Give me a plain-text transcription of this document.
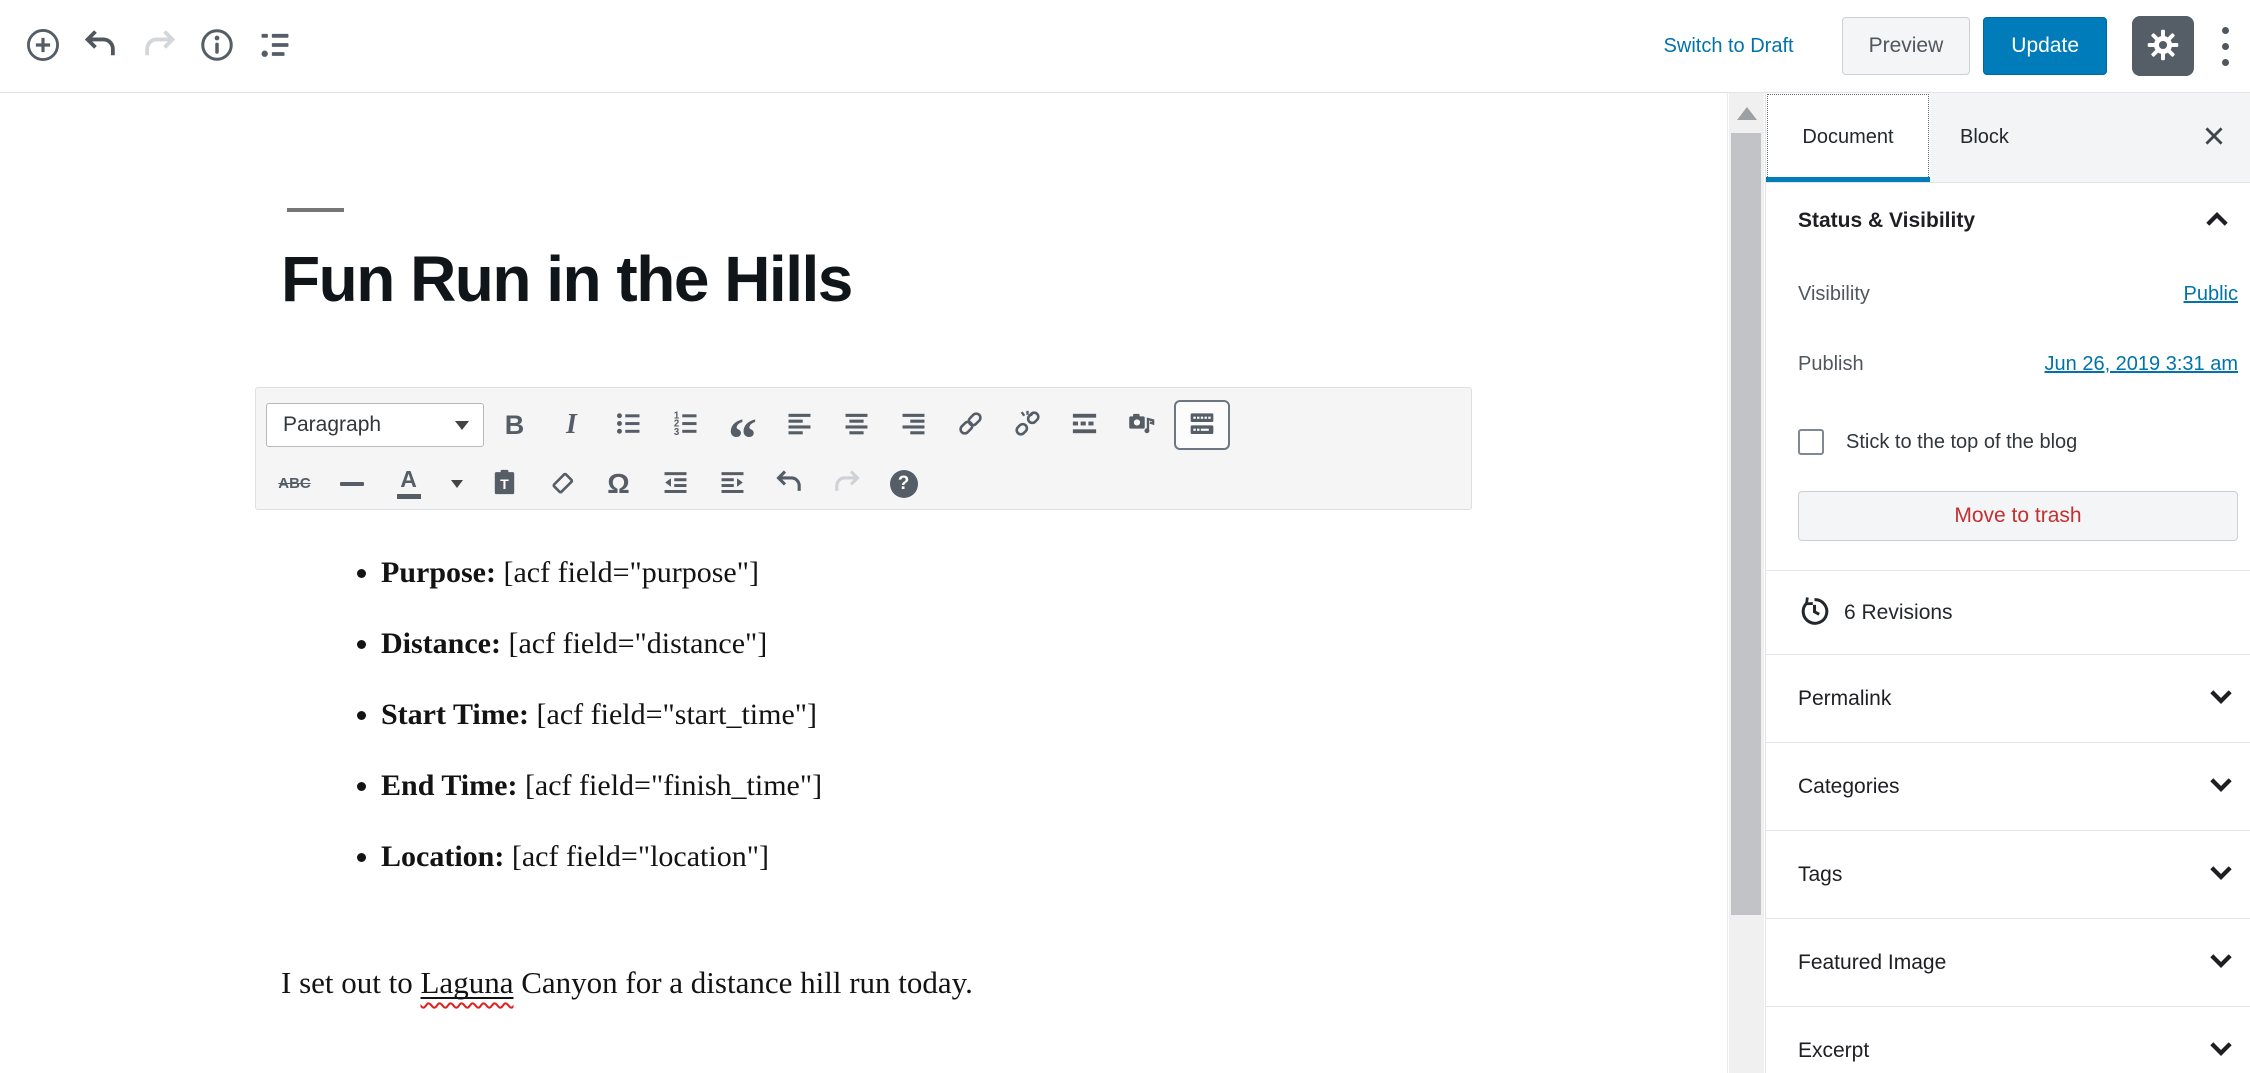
Switch to Draft	Preview	Update
Fun Run in the Hills
Paragraph	B I	1
2
3 “
ABC	A	T	Ω	?
• Purpose: [acf field="purpose"]
• Distance: [acf field="distance"]
• Start Time: [acf field="start_time"]
• End Time: [acf field="finish_time"]
• Location: [acf field="location"]

I set out to Laguna Canyon for a distance hill run today.

Document	Block
Status & Visibility
Visibility	Public
Publish	Jun 26, 2019 3:31 am
Stick to the top of the blog
Move to trash
6 Revisions
Permalink
Categories
Tags
Featured Image
Excerpt
